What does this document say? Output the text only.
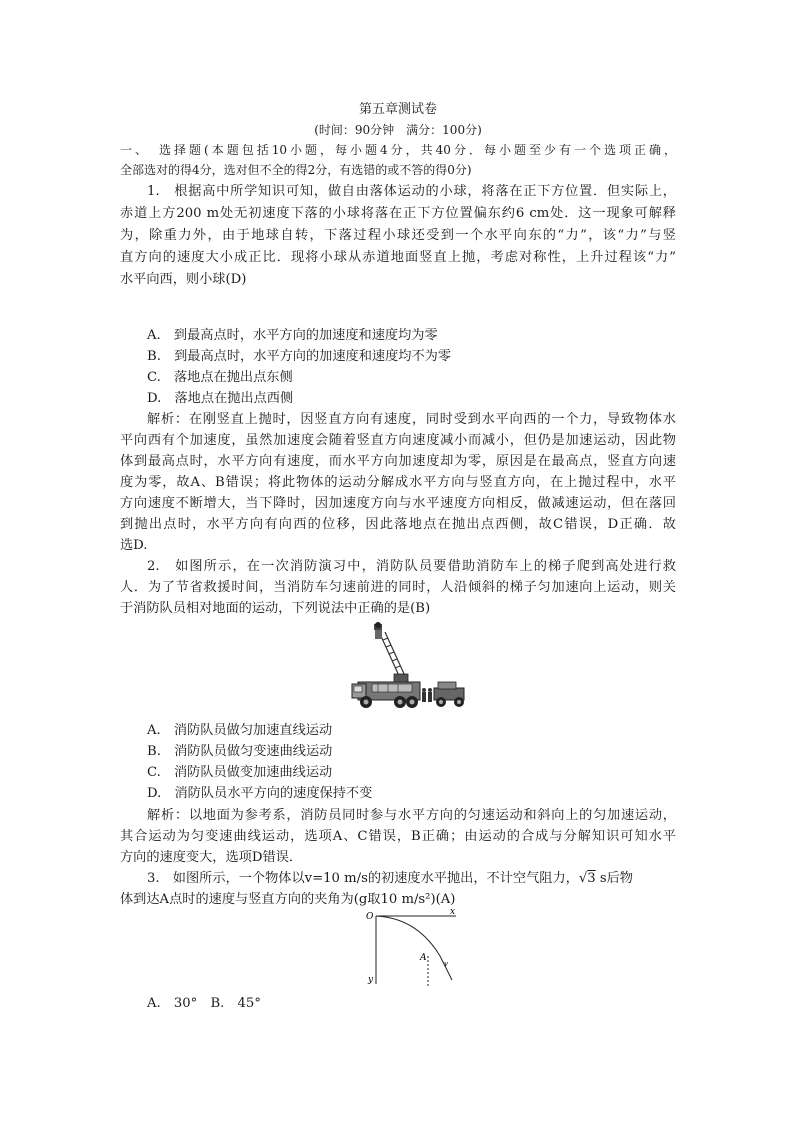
第五章测试卷
(时间：90分钟　满分：100分)
一、　选择题(本题包括10小题，每小题4分，共40分．每小题至少有一个选项正确，
全部选对的得4分，选对但不全的得2分，有选错的或不答的得0分)
1.　根据高中所学知识可知，做自由落体运动的小球，将落在正下方位置．但实际上，
赤道上方200 m处无初速度下落的小球将落在正下方位置偏东约6 cm处．这一现象可解释
为，除重力外，由于地球自转，下落过程小球还受到一个水平向东的“力”，该“力”与竖
直方向的速度大小成正比．现将小球从赤道地面竖直上抛，考虑对称性，上升过程该“力”
水平向西，则小球(D)
A.　到最高点时，水平方向的加速度和速度均为零
B.　到最高点时，水平方向的加速度和速度均不为零
C.　落地点在抛出点东侧
D.　落地点在抛出点西侧
解析：在刚竖直上抛时，因竖直方向有速度，同时受到水平向西的一个力，导致物体水
平向西有个加速度，虽然加速度会随着竖直方向速度减小而减小，但仍是加速运动，因此物
体到最高点时，水平方向有速度，而水平方向加速度却为零，原因是在最高点，竖直方向速
度为零，故A、B错误；将此物体的运动分解成水平方向与竖直方向，在上抛过程中，水平
方向速度不断增大，当下降时，因加速度方向与水平速度方向相反，做减速运动，但在落回
到抛出点时，水平方向有向西的位移，因此落地点在抛出点西侧，故C错误，D正确．故
选D.
2.　如图所示，在一次消防演习中，消防队员要借助消防车上的梯子爬到高处进行救
人．为了节省救援时间，当消防车匀速前进的同时，人沿倾斜的梯子匀加速向上运动，则关
于消防队员相对地面的运动，下列说法中正确的是(B)
A.　消防队员做匀加速直线运动
B.　消防队员做匀变速曲线运动
C.　消防队员做变加速曲线运动
D.　消防队员水平方向的速度保持不变
解析：以地面为参考系，消防员同时参与水平方向的匀速运动和斜向上的匀加速运动，
其合运动为匀变速曲线运动，选项A、C错误，B正确；由运动的合成与分解知识可知水平
方向的速度变大，选项D错误．
3.　如图所示，一个物体以v=10 m/s的初速度水平抛出，不计空气阻力，√3 s后物
体到达A点时的速度与竖直方向的夹角为(g取10 m/s²)(A)
O	x
y
A
v
A.　30°　B.　45°
